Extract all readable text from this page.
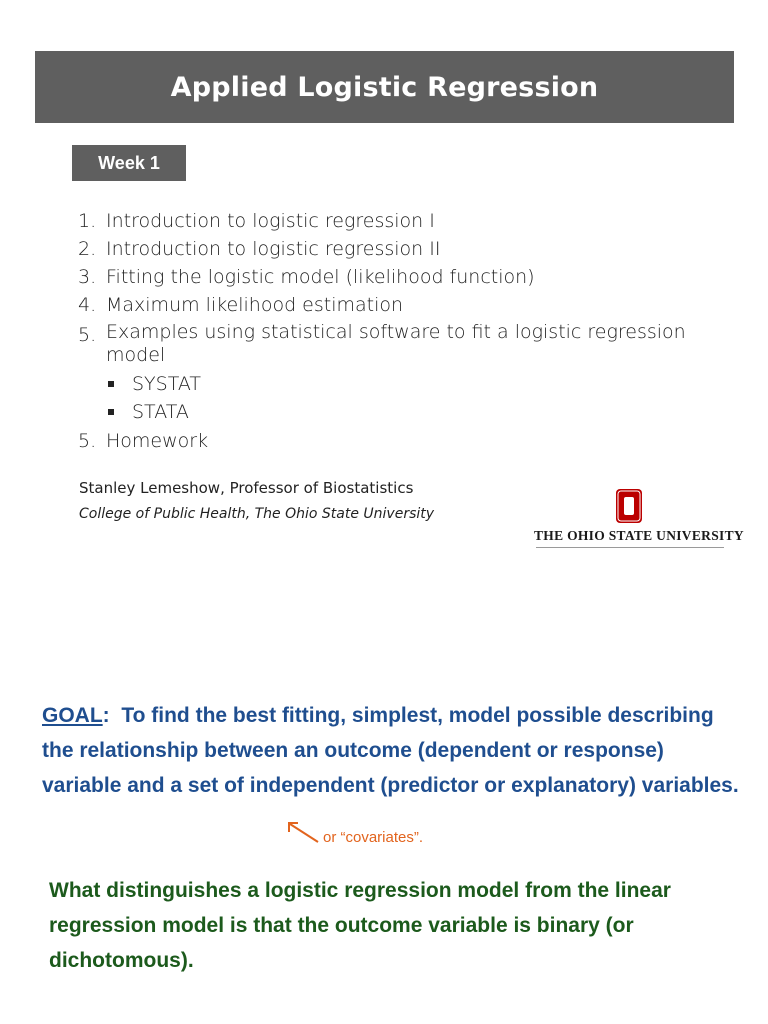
Applied Logistic Regression
Week 1
1. Introduction to logistic regression I
2. Introduction to logistic regression II
3. Fitting the logistic model (likelihood function)
4. Maximum likelihood estimation
5. Examples using statistical software to fit a logistic regression model
SYSTAT
STATA
5. Homework
Stanley Lemeshow, Professor of Biostatistics
College of Public Health, The Ohio State University
THE OHIO STATE UNIVERSITY
GOAL: To find the best fitting, simplest, model possible describing the relationship between an outcome (dependent or response) variable and a set of independent (predictor or explanatory) variables.
or “covariates”.
What distinguishes a logistic regression model from the linear regression model is that the outcome variable is binary (or dichotomous).
